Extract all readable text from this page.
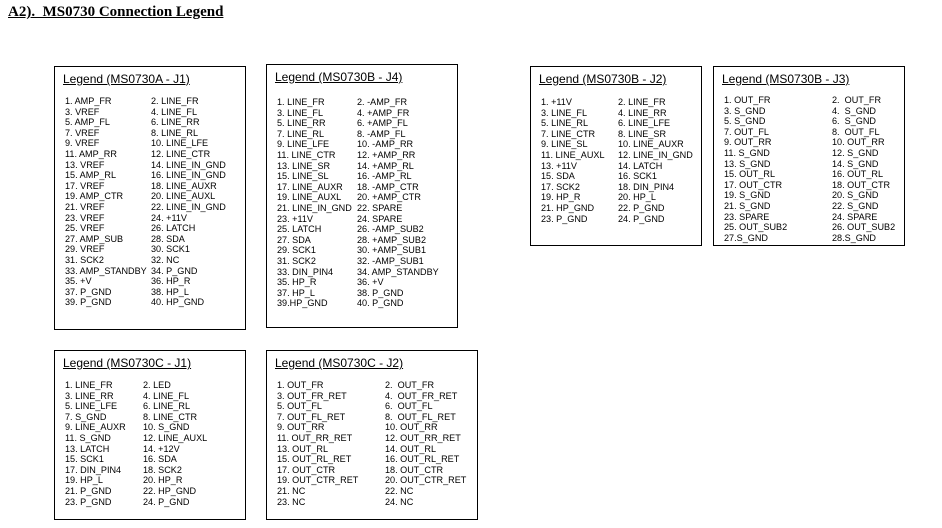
A2).  MS0730 Connection Legend
Legend (MS0730A - J1)
1. AMP_FR	2. LINE_FR
3. VREF	4. LINE_FL
5. AMP_FL	6. LINE_RR
7. VREF	8. LINE_RL
9. VREF	10. LINE_LFE
11. AMP_RR	12. LINE_CTR
13. VREF	14. LINE_IN_GND
15. AMP_RL	16. LINE_IN_GND
17. VREF	18. LINE_AUXR
19. AMP_CTR	20. LINE_AUXL
21. VREF	22. LINE_IN_GND
23. VREF	24. +11V
25. VREF	26. LATCH
27. AMP_SUB	28. SDA
29. VREF	30. SCK1
31. SCK2	32. NC
33. AMP_STANDBY 34. P_GND
35. +V	36. HP_R
37. P_GND	38. HP_L
39. P_GND	40. HP_GND
Legend (MS0730B - J4)
1. LINE_FR	2. -AMP_FR
3. LINE_FL	4. +AMP_FR
5. LINE_RR	6. +AMP_FL
7. LINE_RL	8. -AMP_FL
9. LINE_LFE	10. -AMP_RR
11. LINE_CTR 12. +AMP_RR
13. LINE_SR	14. +AMP_RL
15. LINE_SL	16. -AMP_RL
17. LINE_AUXR 18. -AMP_CTR
19. LINE_AUXL 20. +AMP_CTR
21. LINE_IN_GND 22. SPARE
23. +11V	24. SPARE
25. LATCH	26. -AMP_SUB2
27. SDA	28. +AMP_SUB2
29. SCK1	30. +AMP_SUB1
31. SCK2	32. -AMP_SUB1
33. DIN_PIN4	34. AMP_STANDBY
35. HP_R	36. +V
37. HP_L	38. P_GND
39.HP_GND	40. P_GND
Legend (MS0730B - J2)
1. +11V	2. LINE_FR
3. LINE_FL	4. LINE_RR
5. LINE_RL	6. LINE_LFE
7. LINE_CTR	8. LINE_SR
9. LINE_SL	10. LINE_AUXR
11. LINE_AUXL 12. LINE_IN_GND
13. +11V	14. LATCH
15. SDA	16. SCK1
17. SCK2	18. DIN_PIN4
19. HP_R	20. HP_L
21. HP_GND	22. P_GND
23. P_GND	24. P_GND
Legend (MS0730B - J3)
1. OUT_FR	2.  OUT_FR
3. S_GND	4.  S_GND
5. S_GND	6.  S_GND
7. OUT_FL	8.  OUT_FL
9. OUT_RR	10. OUT_RR
11. S_GND	12. S_GND
13. S_GND	14. S_GND
15. OUT_RL	16. OUT_RL
17. OUT_CTR	18. OUT_CTR
19. S_GND	20. S_GND
21. S_GND	22. S_GND
23. SPARE	24. SPARE
25. OUT_SUB2	26. OUT_SUB2
27.S_GND	28.S_GND
Legend (MS0730C - J1)
1. LINE_FR	2. LED
3. LINE_RR	4. LINE_FL
5. LINE_LFE	6. LINE_RL
7. S_GND	8. LINE_CTR
9. LINE_AUXR 10. S_GND
11. S_GND	12. LINE_AUXL
13. LATCH	14. +12V
15. SCK1	16. SDA
17. DIN_PIN4 18. SCK2
19. HP_L	20. HP_R
21. P_GND	22. HP_GND
23. P_GND	24. P_GND
Legend (MS0730C - J2)
1. OUT_FR	2.  OUT_FR
3. OUT_FR_RET	4.  OUT_FR_RET
5. OUT_FL	6.  OUT_FL
7. OUT_FL_RET	8.  OUT_FL_RET
9. OUT_RR	10. OUT_RR
11. OUT_RR_RET	12. OUT_RR_RET
13. OUT_RL	14. OUT_RL
15. OUT_RL_RET	16. OUT_RL_RET
17. OUT_CTR	18. OUT_CTR
19. OUT_CTR_RET	20. OUT_CTR_RET
21. NC	22. NC
23. NC	24. NC
